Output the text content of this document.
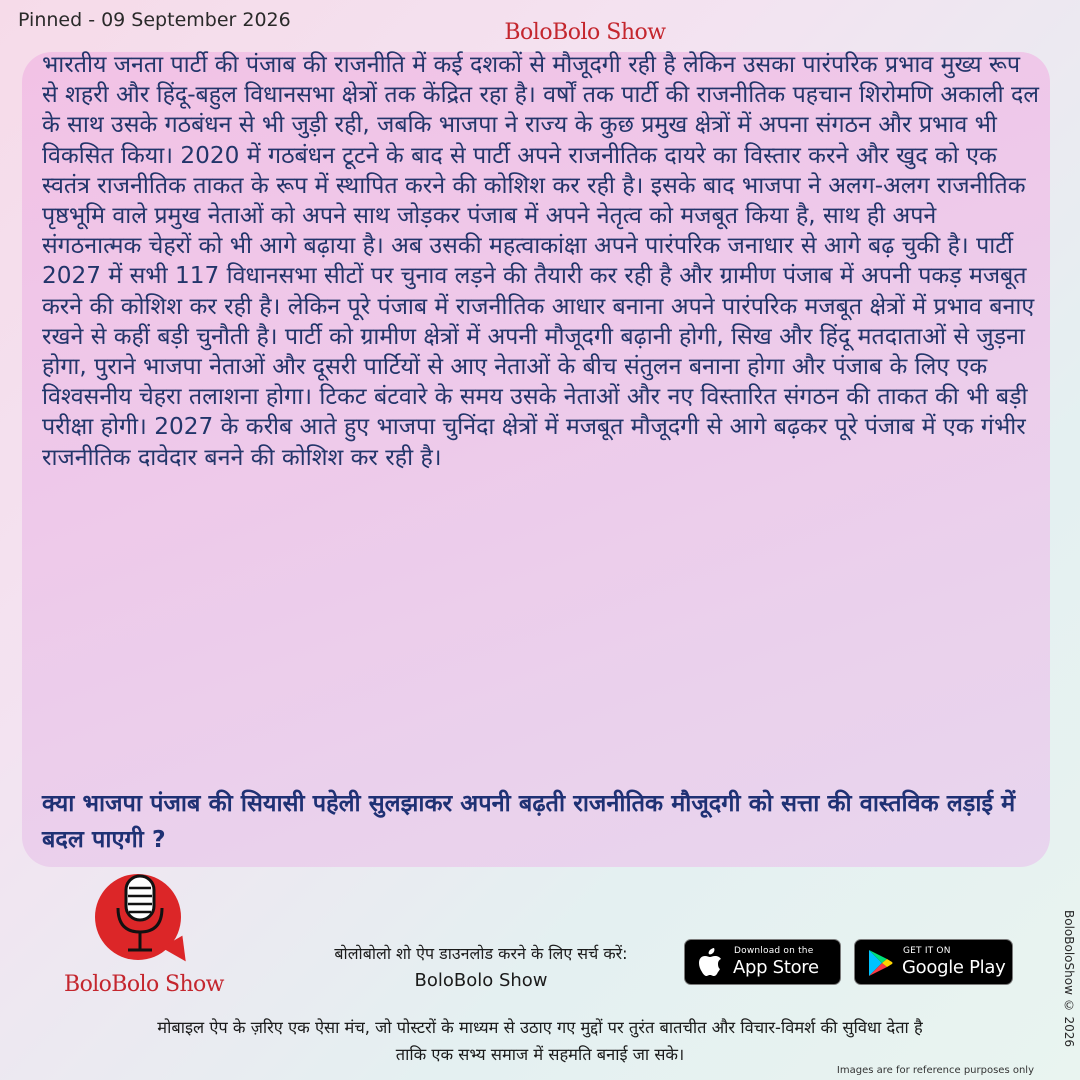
Pinned - 09 September 2026	BoloBolo Show
भारतीय जनता पार्टी की पंजाब की राजनीति में कई दशकों से मौजूदगी रही है लेकिन उसका पारंपरिक प्रभाव मुख्य रूप से शहरी और हिंदू-बहुल विधानसभा क्षेत्रों तक केंद्रित रहा है। वर्षों तक पार्टी की राजनीतिक पहचान शिरोमणि अकाली दल के साथ उसके गठबंधन से भी जुड़ी रही, जबकि भाजपा ने राज्य के कुछ प्रमुख क्षेत्रों में अपना संगठन और प्रभाव भी विकसित किया। 2020 में गठबंधन टूटने के बाद से पार्टी अपने राजनीतिक दायरे का विस्तार करने और खुद को एक स्वतंत्र राजनीतिक ताकत के रूप में स्थापित करने की कोशिश कर रही है। इसके बाद भाजपा ने अलग-अलग राजनीतिक पृष्ठभूमि वाले प्रमुख नेताओं को अपने साथ जोड़कर पंजाब में अपने नेतृत्व को मजबूत किया है, साथ ही अपने संगठनात्मक चेहरों को भी आगे बढ़ाया है। अब उसकी महत्वाकांक्षा अपने पारंपरिक जनाधार से आगे बढ़ चुकी है। पार्टी 2027 में सभी 117 विधानसभा सीटों पर चुनाव लड़ने की तैयारी कर रही है और ग्रामीण पंजाब में अपनी पकड़ मजबूत करने की कोशिश कर रही है। लेकिन पूरे पंजाब में राजनीतिक आधार बनाना अपने पारंपरिक मजबूत क्षेत्रों में प्रभाव बनाए रखने से कहीं बड़ी चुनौती है। पार्टी को ग्रामीण क्षेत्रों में अपनी मौजूदगी बढ़ानी होगी, सिख और हिंदू मतदाताओं से जुड़ना होगा, पुराने भाजपा नेताओं और दूसरी पार्टियों से आए नेताओं के बीच संतुलन बनाना होगा और पंजाब के लिए एक विश्वसनीय चेहरा तलाशना होगा। टिकट बंटवारे के समय उसके नेताओं और नए विस्तारित संगठन की ताकत की भी बड़ी परीक्षा होगी। 2027 के करीब आते हुए भाजपा चुनिंदा क्षेत्रों में मजबूत मौजूदगी से आगे बढ़कर पूरे पंजाब में एक गंभीर राजनीतिक दावेदार बनने की कोशिश कर रही है।
क्या भाजपा पंजाब की सियासी पहेली सुलझाकर अपनी बढ़ती राजनीतिक मौजूदगी को सत्ता की वास्तविक लड़ाई में बदल पाएगी ?
BoloBolo Show
बोलोबोलो शो ऐप डाउनलोड करने के लिए सर्च करें:
BoloBolo Show
Download on the
App Store
GET IT ON
Google Play
मोबाइल ऐप के ज़रिए एक ऐसा मंच, जो पोस्टरों के माध्यम से उठाए गए मुद्दों पर तुरंत बातचीत और विचार-विमर्श की सुविधा देता है
ताकि एक सभ्य समाज में सहमति बनाई जा सके।
BoloBoloShow © 2026
Images are for reference purposes only
